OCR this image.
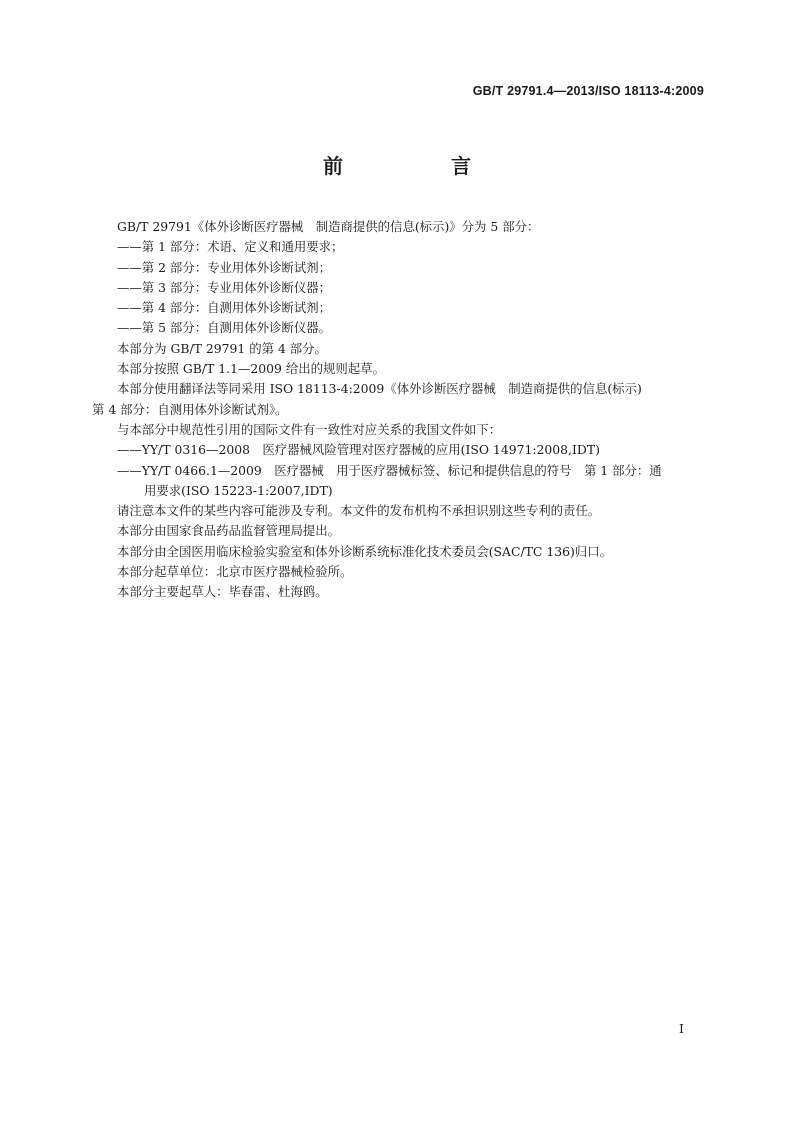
GB/T 29791.4—2013/ISO 18113-4:2009
前　言

GB/T 29791《体外诊断医疗器械　制造商提供的信息(标示)》分为 5 部分：

——第 1 部分：术语、定义和通用要求；

——第 2 部分：专业用体外诊断试剂；

——第 3 部分：专业用体外诊断仪器；

——第 4 部分：自测用体外诊断试剂；

——第 5 部分：自测用体外诊断仪器。

本部分为 GB/T 29791 的第 4 部分。

本部分按照 GB/T 1.1—2009 给出的规则起草。

本部分使用翻译法等同采用 ISO 18113-4:2009《体外诊断医疗器械　制造商提供的信息(标示)

第 4 部分：自测用体外诊断试剂》。

与本部分中规范性引用的国际文件有一致性对应关系的我国文件如下：

——YY/T 0316—2008　医疗器械风险管理对医疗器械的应用(ISO 14971:2008,IDT)

——YY/T 0466.1—2009　医疗器械　用于医疗器械标签、标记和提供信息的符号　第 1 部分：通

用要求(ISO 15223-1:2007,IDT)

请注意本文件的某些内容可能涉及专利。本文件的发布机构不承担识别这些专利的责任。

本部分由国家食品药品监督管理局提出。

本部分由全国医用临床检验实验室和体外诊断系统标准化技术委员会(SAC/TC 136)归口。

本部分起草单位：北京市医疗器械检验所。

本部分主要起草人：毕春雷、杜海鸥。

I
